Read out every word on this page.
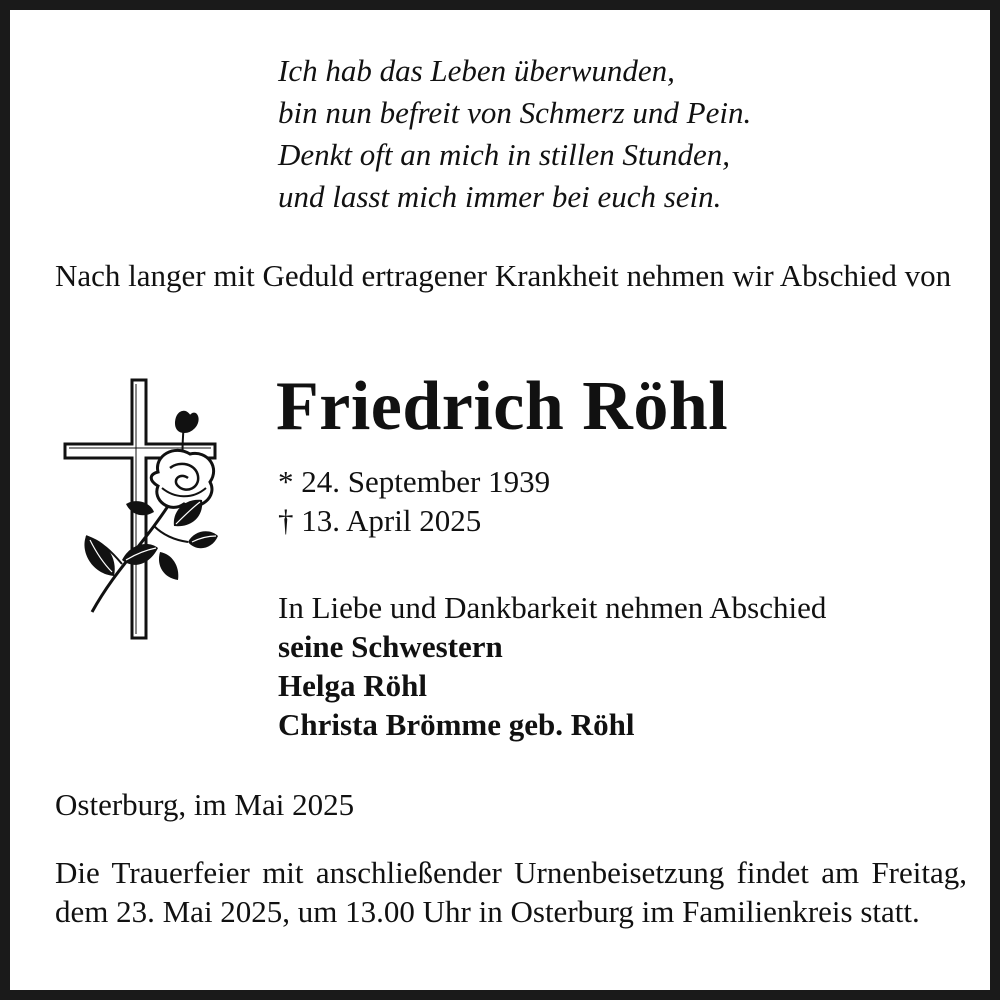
Ich hab das Leben überwunden,
bin nun befreit von Schmerz und Pein.
Denkt oft an mich in stillen Stunden,
und lasst mich immer bei euch sein.
Nach langer mit Geduld ertragener Krankheit nehmen wir Abschied von
Friedrich Röhl
* 24. September 1939
† 13. April 2025
In Liebe und Dankbarkeit nehmen Abschied
seine Schwestern
Helga Röhl
Christa Brömme geb. Röhl
Osterburg, im Mai 2025
Die Trauerfeier mit anschließender Urnenbeisetzung findet am Freitag, dem 23. Mai 2025, um 13.00 Uhr in Osterburg im Familienkreis statt.
